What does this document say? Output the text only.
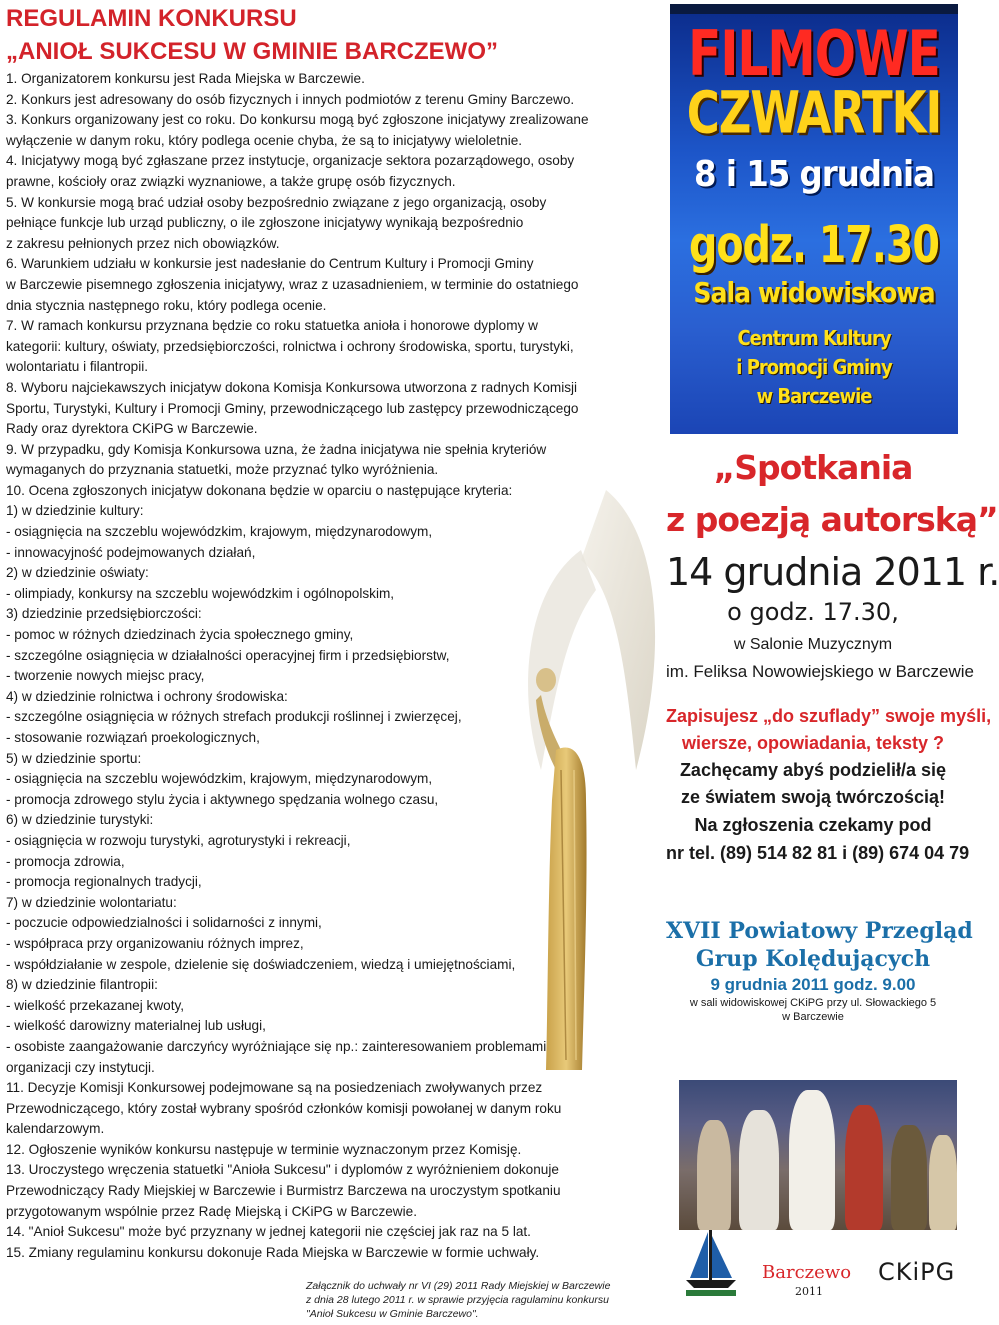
REGULAMIN KONKURSU
„ANIOŁ SUKCESU W GMINIE BARCZEWO”
1. Organizatorem konkursu jest Rada Miejska w Barczewie.
2. Konkurs jest adresowany do osób fizycznych i innych podmiotów z terenu Gminy Barczewo.
3. Konkurs organizowany jest co roku. Do konkursu mogą być zgłoszone inicjatywy zrealizowane
wyłączenie w danym roku, który podlega ocenie chyba, że są to inicjatywy wieloletnie.
4. Inicjatywy mogą być zgłaszane przez instytucje, organizacje sektora pozarządowego, osoby
prawne, kościoły oraz związki wyznaniowe, a także grupę osób fizycznych.
5. W konkursie mogą brać udział osoby bezpośrednio związane z jego organizacją, osoby
pełniące funkcje lub urząd publiczny, o ile zgłoszone inicjatywy wynikają bezpośrednio
z zakresu pełnionych przez nich obowiązków.
6. Warunkiem udziału w konkursie jest nadesłanie do Centrum Kultury i Promocji Gminy
w Barczewie pisemnego zgłoszenia inicjatywy, wraz z uzasadnieniem, w terminie do ostatniego
dnia stycznia następnego roku, który podlega ocenie.
7. W ramach konkursu przyznana będzie co roku statuetka anioła i honorowe dyplomy w
kategorii: kultury, oświaty, przedsiębiorczości, rolnictwa i ochrony środowiska, sportu, turystyki,
wolontariatu i filantropii.
8. Wyboru najciekawszych inicjatyw dokona Komisja Konkursowa utworzona z radnych Komisji
Sportu, Turystyki, Kultury i Promocji Gminy, przewodniczącego lub zastępcy przewodniczącego
Rady oraz dyrektora CKiPG w Barczewie.
9. W przypadku, gdy Komisja Konkursowa uzna, że żadna inicjatywa nie spełnia kryteriów
wymaganych do przyznania statuetki, może przyznać tylko wyróżnienia.
10. Ocena zgłoszonych inicjatyw dokonana będzie w oparciu o następujące kryteria:
1) w dziedzinie kultury:
- osiągnięcia na szczeblu wojewódzkim, krajowym, międzynarodowym,
- innowacyjność podejmowanych działań,
2) w dziedzinie oświaty:
- olimpiady, konkursy na szczeblu wojewódzkim i ogólnopolskim,
3) dziedzinie przedsiębiorczości:
- pomoc w różnych dziedzinach życia społecznego gminy,
- szczególne osiągnięcia w działalności operacyjnej firm i przedsiębiorstw,
- tworzenie nowych miejsc pracy,
4) w dziedzinie rolnictwa i ochrony środowiska:
- szczególne osiągnięcia w różnych strefach produkcji roślinnej i zwierzęcej,
- stosowanie rozwiązań proekologicznych,
5) w dziedzinie sportu:
- osiągnięcia na szczeblu wojewódzkim, krajowym, międzynarodowym,
- promocja zdrowego stylu życia i aktywnego spędzania wolnego czasu,
6) w dziedzinie turystyki:
- osiągnięcia w rozwoju turystyki, agroturystyki i rekreacji,
- promocja zdrowia,
- promocja regionalnych tradycji,
7) w dziedzinie wolontariatu:
- poczucie odpowiedzialności i solidarności z innymi,
- współpraca przy organizowaniu różnych imprez,
- współdziałanie w zespole, dzielenie się doświadczeniem, wiedzą i umiejętnościami,
8) w dziedzinie filantropii:
- wielkość przekazanej kwoty,
- wielkość darowizny materialnej lub usługi,
- osobiste zaangażowanie darczyńcy wyróżniające się np.: zainteresowaniem problemami
organizacji czy instytucji.
11. Decyzje Komisji Konkursowej podejmowane są na posiedzeniach zwoływanych przez
Przewodniczącego, który został wybrany spośród członków komisji powołanej w danym roku
kalendarzowym.
12. Ogłoszenie wyników konkursu następuje w terminie wyznaczonym przez Komisję.
13. Uroczystego wręczenia statuetki "Anioła Sukcesu" i dyplomów z wyróżnieniem dokonuje
Przewodniczący Rady Miejskiej w Barczewie i Burmistrz Barczewa na uroczystym spotkaniu
przygotowanym wspólnie przez Radę Miejską i CKiPG w Barczewie.
14. "Anioł Sukcesu" może być przyznany w jednej kategorii nie częściej jak raz na 5 lat.
15. Zmiany regulaminu konkursu dokonuje Rada Miejska w Barczewie w formie uchwały.
Załącznik do uchwały nr VI (29) 2011 Rady Miejskiej w Barczewie
z dnia 28 lutego 2011 r. w sprawie przyjęcia ragulaminu konkursu
"Anioł Sukcesu w Gminie Barczewo".
FILMOWE
CZWARTKI
8 i 15 grudnia
godz. 17.30
Sala widowiskowa
Centrum Kultury
i Promocji Gminy
w Barczewie
„Spotkania
z poezją autorską”
14 grudnia 2011 r.
o godz. 17.30,
w Salonie Muzycznym
im. Feliksa Nowowiejskiego w Barczewie
Zapisujesz „do szuflady” swoje myśli,
wiersze, opowiadania, teksty ?
Zachęcamy abyś podzielił/a się
ze światem swoją twórczością!
Na zgłoszenia czekamy pod
nr tel. (89) 514 82 81 i (89) 674 04 79
XVII Powiatowy Przegląd
Grup Kolędujących
9 grudnia 2011 godz. 9.00
w sali widowiskowej CKiPG przy ul. Słowackiego 5
w Barczewie
Barczewo
2011
CKiPG
